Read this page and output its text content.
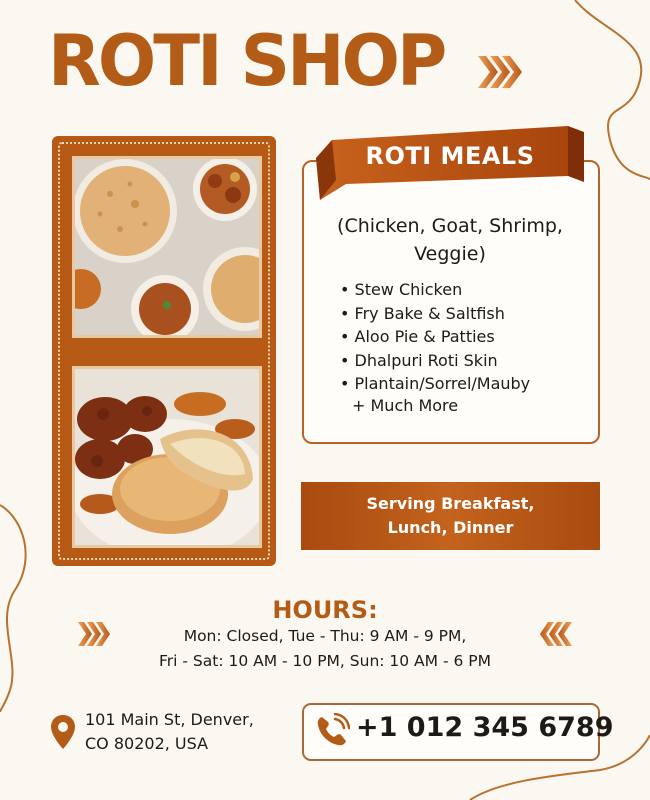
ROTI SHOP
ROTI MEALS
(Chicken, Goat, Shrimp, Veggie)
• Stew Chicken
• Fry Bake & Saltfish
• Aloo Pie & Patties
• Dhalpuri Roti Skin
• Plantain/Sorrel/Mauby
+ Much More
Serving Breakfast,
Lunch, Dinner
HOURS:
Mon: Closed, Tue - Thu: 9 AM - 9 PM,
Fri - Sat: 10 AM - 10 PM, Sun: 10 AM - 6 PM
101 Main St, Denver,
CO 80202, USA
+1 012 345 6789
